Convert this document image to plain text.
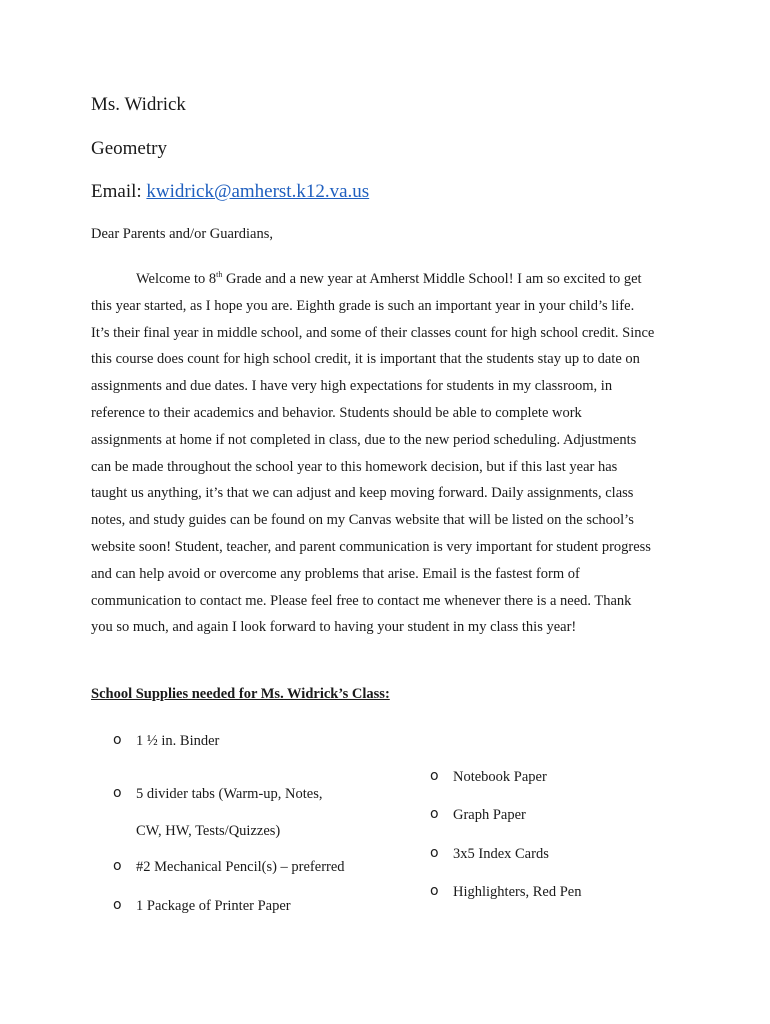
Ms. Widrick
Geometry
Email: kwidrick@amherst.k12.va.us
Dear Parents and/or Guardians,
Welcome to 8th Grade and a new year at Amherst Middle School! I am so excited to get
this year started, as I hope you are. Eighth grade is such an important year in your child’s life.
It’s their final year in middle school, and some of their classes count for high school credit. Since
this course does count for high school credit, it is important that the students stay up to date on
assignments and due dates. I have very high expectations for students in my classroom, in
reference to their academics and behavior. Students should be able to complete work
assignments at home if not completed in class, due to the new period scheduling. Adjustments
can be made throughout the school year to this homework decision, but if this last year has
taught us anything, it’s that we can adjust and keep moving forward. Daily assignments, class
notes, and study guides can be found on my Canvas website that will be listed on the school’s
website soon! Student, teacher, and parent communication is very important for student progress
and can help avoid or overcome any problems that arise. Email is the fastest form of
communication to contact me. Please feel free to contact me whenever there is a need. Thank
you so much, and again I look forward to having your student in my class this year!
School Supplies needed for Ms. Widrick’s Class:
o 1 ½ in. Binder
o 5 divider tabs (Warm-up, Notes,
CW, HW, Tests/Quizzes)
o #2 Mechanical Pencil(s) – preferred
o 1 Package of Printer Paper
o Notebook Paper
o Graph Paper
o 3x5 Index Cards
o Highlighters, Red Pen
